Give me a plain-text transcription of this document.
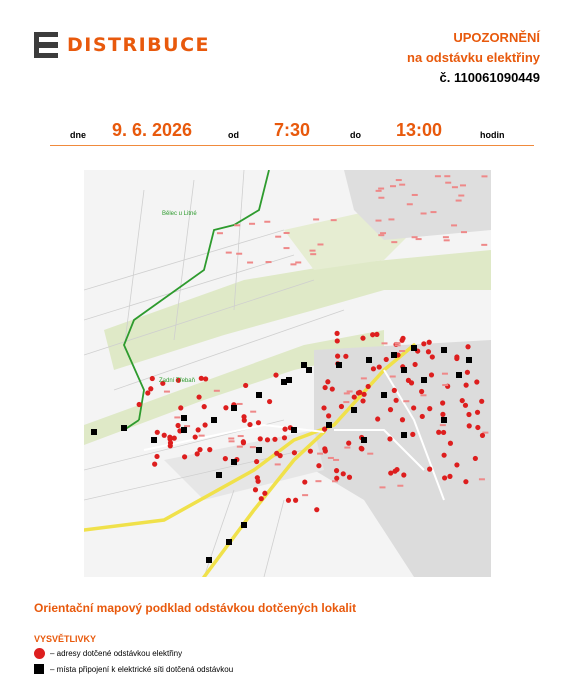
DISTRIBUCE	UPOZORNĚNÍ
na odstávku elektřiny
č. 110061090449
dne 9. 6. 2026	od 7:30	do 13:00	hodin
Bělec u Litné
Zadní Třebaň
Orientační mapový podklad odstávkou dotčených lokalit
VYSVĚTLIVKY
– adresy dotčené odstávkou elektřiny
– místa připojení k elektrické síti dotčená odstávkou
